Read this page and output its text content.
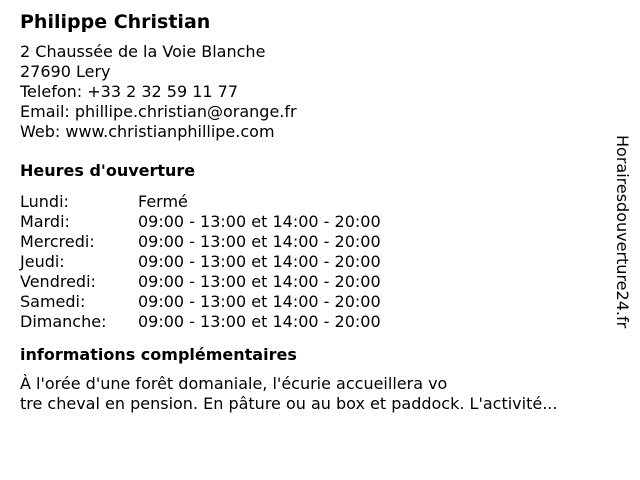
Philippe Christian
2 Chaussée de la Voie Blanche
27690 Lery
Telefon: +33 2 32 59 11 77
Email: phillipe.christian@orange.fr
Web: www.christianphillipe.com
Heures d'ouverture
Lundi:	Fermé
Mardi:	09:00 - 13:00 et 14:00 - 20:00
Mercredi:	09:00 - 13:00 et 14:00 - 20:00
Jeudi:	09:00 - 13:00 et 14:00 - 20:00
Vendredi:	09:00 - 13:00 et 14:00 - 20:00
Samedi:	09:00 - 13:00 et 14:00 - 20:00
Dimanche:	09:00 - 13:00 et 14:00 - 20:00
informations complémentaires
À l'orée d'une forêt domaniale, l'écurie accueillera vo
tre cheval en pension. En pâture ou au box et paddock. L'activité...
Horairesdouverture24.fr
